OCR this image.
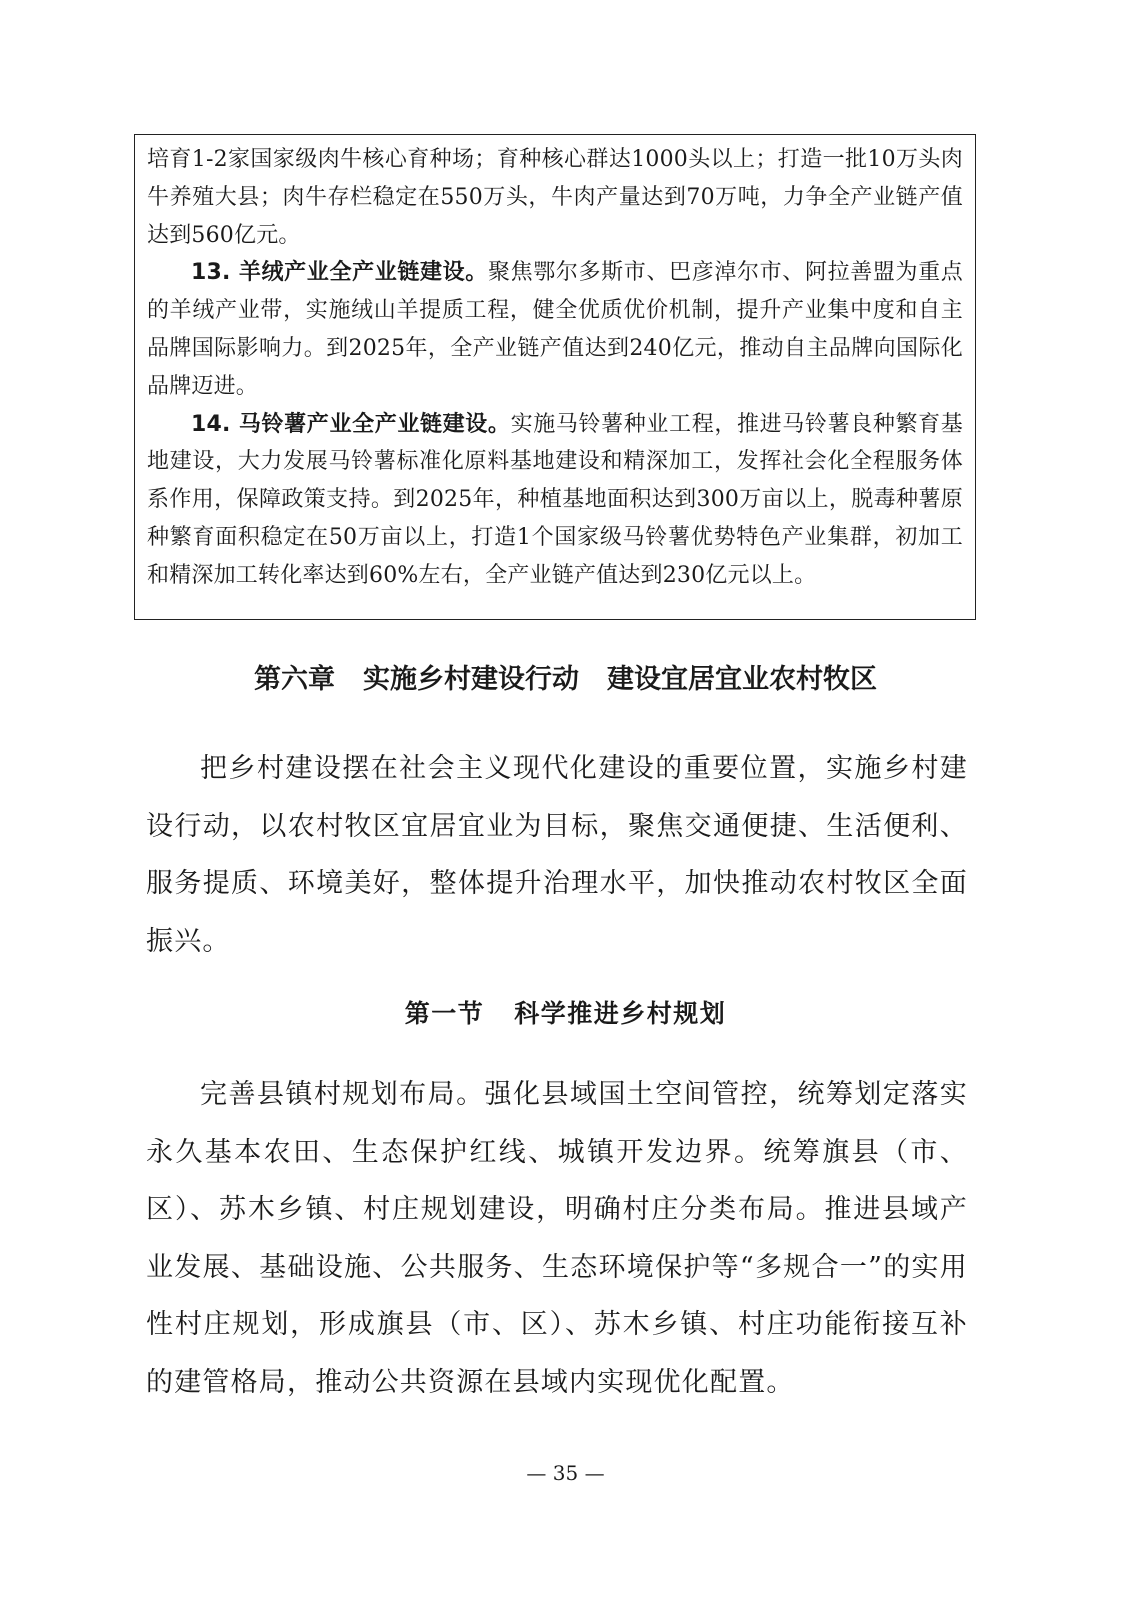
培育1-2家国家级肉牛核心育种场；育种核心群达1000头以上；打造一批10万头肉牛养殖大县；肉牛存栏稳定在550万头，牛肉产量达到70万吨，力争全产业链产值达到560亿元。

13. 羊绒产业全产业链建设。聚焦鄂尔多斯市、巴彦淖尔市、阿拉善盟为重点的羊绒产业带，实施绒山羊提质工程，健全优质优价机制，提升产业集中度和自主品牌国际影响力。到2025年，全产业链产值达到240亿元，推动自主品牌向国际化品牌迈进。

14. 马铃薯产业全产业链建设。实施马铃薯种业工程，推进马铃薯良种繁育基地建设，大力发展马铃薯标准化原料基地建设和精深加工，发挥社会化全程服务体系作用，保障政策支持。到2025年，种植基地面积达到300万亩以上，脱毒种薯原种繁育面积稳定在50万亩以上，打造1个国家级马铃薯优势特色产业集群，初加工和精深加工转化率达到60%左右，全产业链产值达到230亿元以上。

第六章 实施乡村建设行动 建设宜居宜业农村牧区

把乡村建设摆在社会主义现代化建设的重要位置，实施乡村建设行动，以农村牧区宜居宜业为目标，聚焦交通便捷、生活便利、服务提质、环境美好，整体提升治理水平，加快推动农村牧区全面振兴。

第一节 科学推进乡村规划

完善县镇村规划布局。强化县域国土空间管控，统筹划定落实永久基本农田、生态保护红线、城镇开发边界。统筹旗县（市、区）、苏木乡镇、村庄规划建设，明确村庄分类布局。推进县域产业发展、基础设施、公共服务、生态环境保护等“多规合一”的实用性村庄规划，形成旗县（市、区）、苏木乡镇、村庄功能衔接互补的建管格局，推动公共资源在县域内实现优化配置。

— 35 —
